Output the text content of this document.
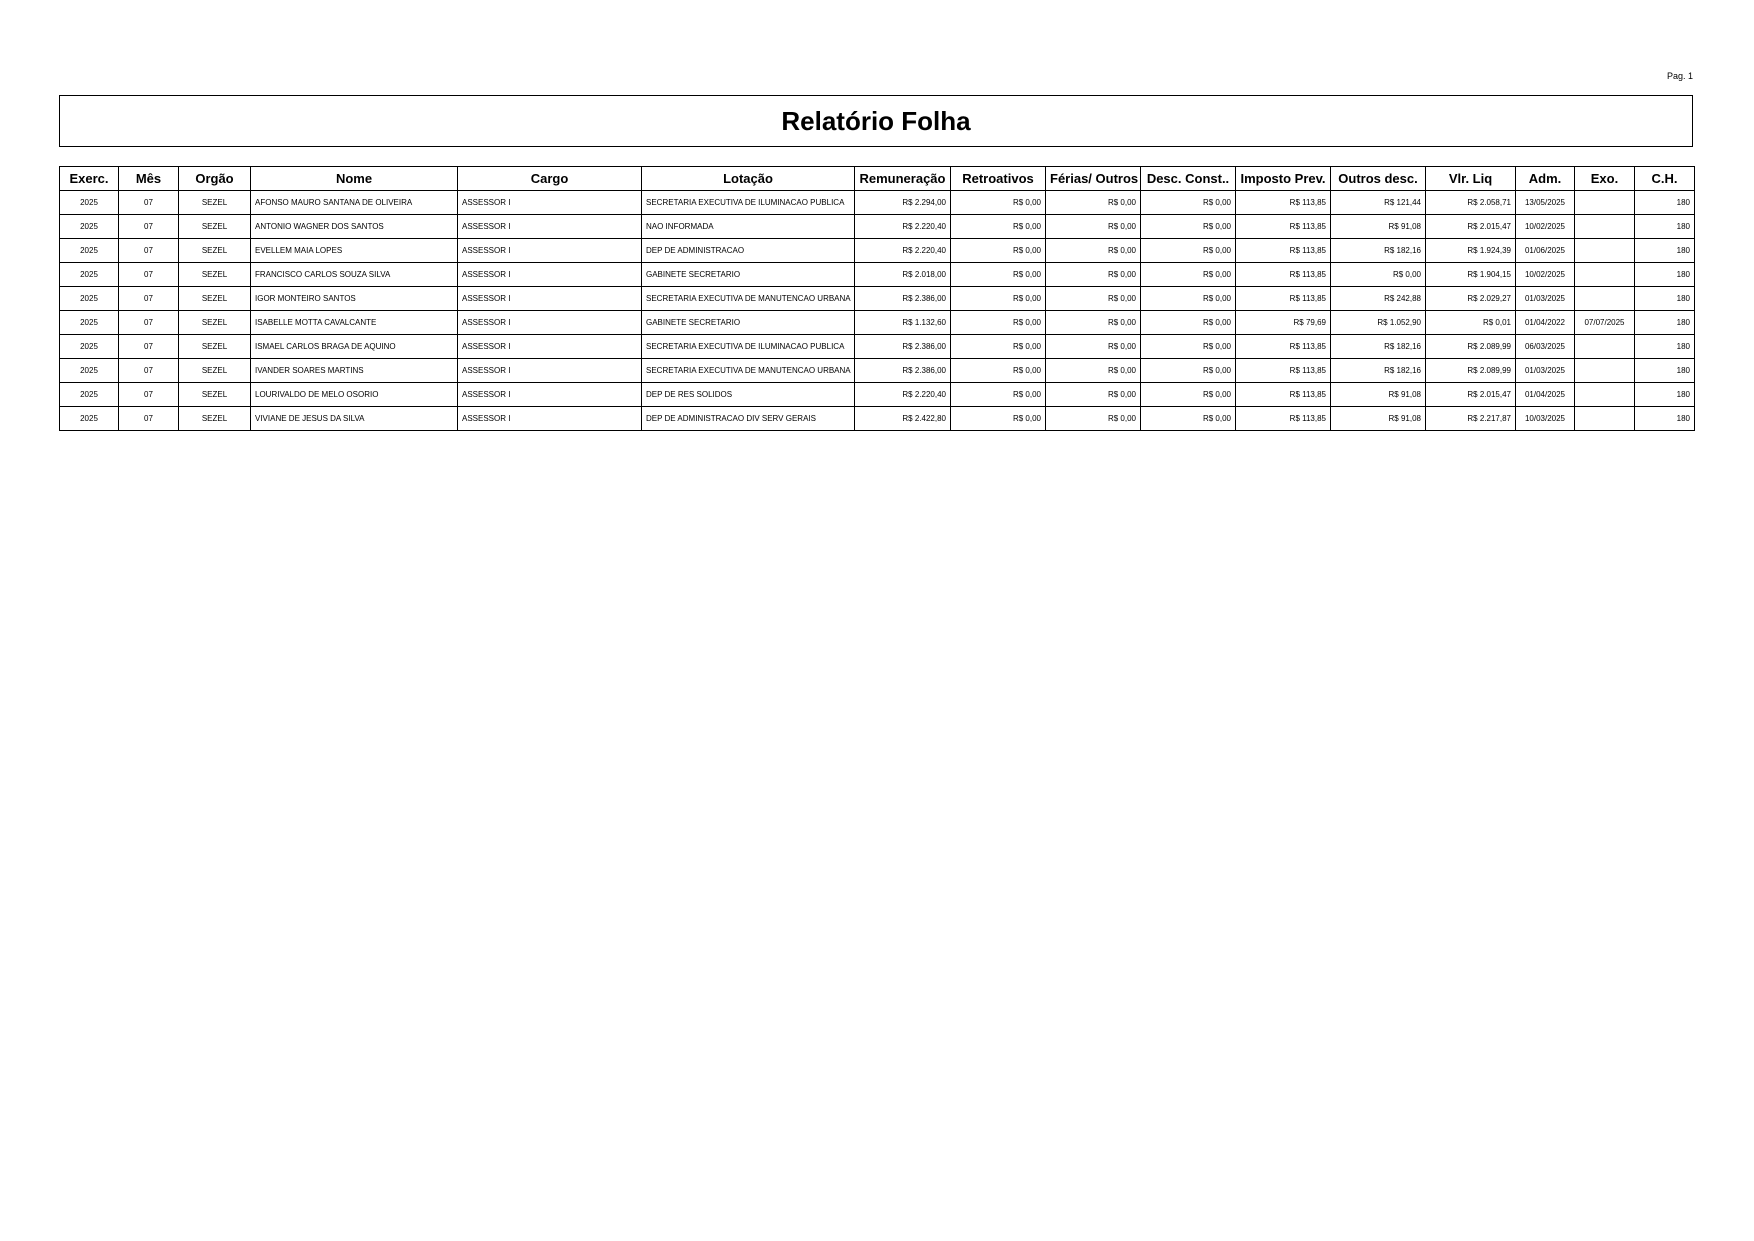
Pag. 1
Relatório Folha
Exerc.	Mês	Orgão	Nome	Cargo	Lotação	Remuneração	Retroativos	Férias/ Outros	Desc. Const..	Imposto Prev.	Outros desc.	Vlr. Liq	Adm.	Exo.	C.H.
2025	07	SEZEL	AFONSO MAURO SANTANA DE OLIVEIRA	ASSESSOR I	SECRETARIA EXECUTIVA DE ILUMINACAO PUBLICA	R$ 2.294,00	R$ 0,00	R$ 0,00	R$ 0,00	R$ 113,85	R$ 121,44	R$ 2.058,71	13/05/2025		180
2025	07	SEZEL	ANTONIO WAGNER DOS SANTOS	ASSESSOR I	NAO INFORMADA	R$ 2.220,40	R$ 0,00	R$ 0,00	R$ 0,00	R$ 113,85	R$ 91,08	R$ 2.015,47	10/02/2025		180
2025	07	SEZEL	EVELLEM MAIA LOPES	ASSESSOR I	DEP DE ADMINISTRACAO	R$ 2.220,40	R$ 0,00	R$ 0,00	R$ 0,00	R$ 113,85	R$ 182,16	R$ 1.924,39	01/06/2025		180
2025	07	SEZEL	FRANCISCO CARLOS SOUZA SILVA	ASSESSOR I	GABINETE SECRETARIO	R$ 2.018,00	R$ 0,00	R$ 0,00	R$ 0,00	R$ 113,85	R$ 0,00	R$ 1.904,15	10/02/2025		180
2025	07	SEZEL	IGOR MONTEIRO SANTOS	ASSESSOR I	SECRETARIA EXECUTIVA DE MANUTENCAO URBANA	R$ 2.386,00	R$ 0,00	R$ 0,00	R$ 0,00	R$ 113,85	R$ 242,88	R$ 2.029,27	01/03/2025		180
2025	07	SEZEL	ISABELLE MOTTA CAVALCANTE	ASSESSOR I	GABINETE SECRETARIO	R$ 1.132,60	R$ 0,00	R$ 0,00	R$ 0,00	R$ 79,69	R$ 1.052,90	R$ 0,01	01/04/2022	07/07/2025	180
2025	07	SEZEL	ISMAEL CARLOS BRAGA DE AQUINO	ASSESSOR I	SECRETARIA EXECUTIVA DE ILUMINACAO PUBLICA	R$ 2.386,00	R$ 0,00	R$ 0,00	R$ 0,00	R$ 113,85	R$ 182,16	R$ 2.089,99	06/03/2025		180
2025	07	SEZEL	IVANDER SOARES MARTINS	ASSESSOR I	SECRETARIA EXECUTIVA DE MANUTENCAO URBANA	R$ 2.386,00	R$ 0,00	R$ 0,00	R$ 0,00	R$ 113,85	R$ 182,16	R$ 2.089,99	01/03/2025		180
2025	07	SEZEL	LOURIVALDO DE MELO OSORIO	ASSESSOR I	DEP DE RES SOLIDOS	R$ 2.220,40	R$ 0,00	R$ 0,00	R$ 0,00	R$ 113,85	R$ 91,08	R$ 2.015,47	01/04/2025		180
2025	07	SEZEL	VIVIANE DE JESUS DA SILVA	ASSESSOR I	DEP DE ADMINISTRACAO DIV SERV GERAIS	R$ 2.422,80	R$ 0,00	R$ 0,00	R$ 0,00	R$ 113,85	R$ 91,08	R$ 2.217,87	10/03/2025		180
